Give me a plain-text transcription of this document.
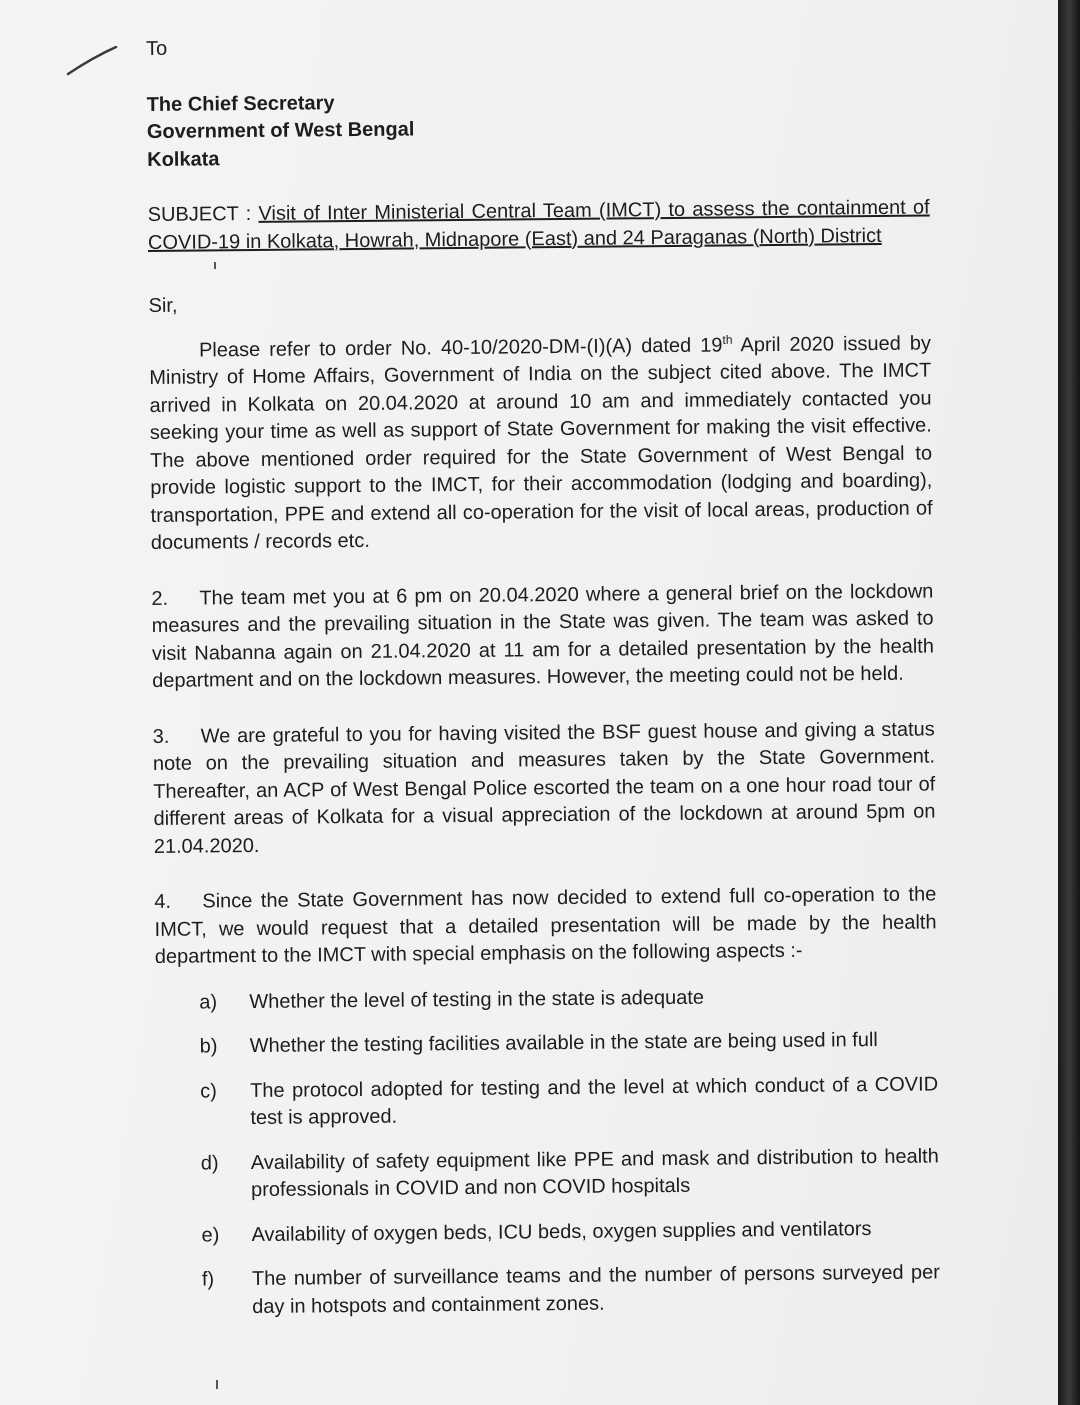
To

The Chief Secretary

Government of West Bengal

Kolkata

SUBJECT : Visit of Inter Ministerial Central Team (IMCT) to assess the containment of COVID-19 in Kolkata, Howrah, Midnapore (East) and 24 Paraganas (North) District

Sir,

Please refer to order No. 40-10/2020-DM-(I)(A) dated 19th April 2020 issued by Ministry of Home Affairs, Government of India on the subject cited above. The IMCT arrived in Kolkata on 20.04.2020 at around 10 am and immediately contacted you seeking your time as well as support of State Government for making the visit effective. The above mentioned order required for the State Government of West Bengal to provide logistic support to the IMCT, for their accommodation (lodging and boarding), transportation, PPE and extend all co-operation for the visit of local areas, production of documents / records etc.

2. The team met you at 6 pm on 20.04.2020 where a general brief on the lockdown measures and the prevailing situation in the State was given. The team was asked to visit Nabanna again on 21.04.2020 at 11 am for a detailed presentation by the health department and on the lockdown measures. However, the meeting could not be held.

3. We are grateful to you for having visited the BSF guest house and giving a status note on the prevailing situation and measures taken by the State Government. Thereafter, an ACP of West Bengal Police escorted the team on a one hour road tour of different areas of Kolkata for a visual appreciation of the lockdown at around 5pm on 21.04.2020.

4. Since the State Government has now decided to extend full co-operation to the IMCT, we would request that a detailed presentation will be made by the health department to the IMCT with special emphasis on the following aspects :-

a)	Whether the level of testing in the state is adequate
b)	Whether the testing facilities available in the state are being used in full
c)	The protocol adopted for testing and the level at which conduct of a COVID test is approved.
d)	Availability of safety equipment like PPE and mask and distribution to health professionals in COVID and non COVID hospitals
e)	Availability of oxygen beds, ICU beds, oxygen supplies and ventilators
f)	The number of surveillance teams and the number of persons surveyed per day in hotspots and containment zones.
